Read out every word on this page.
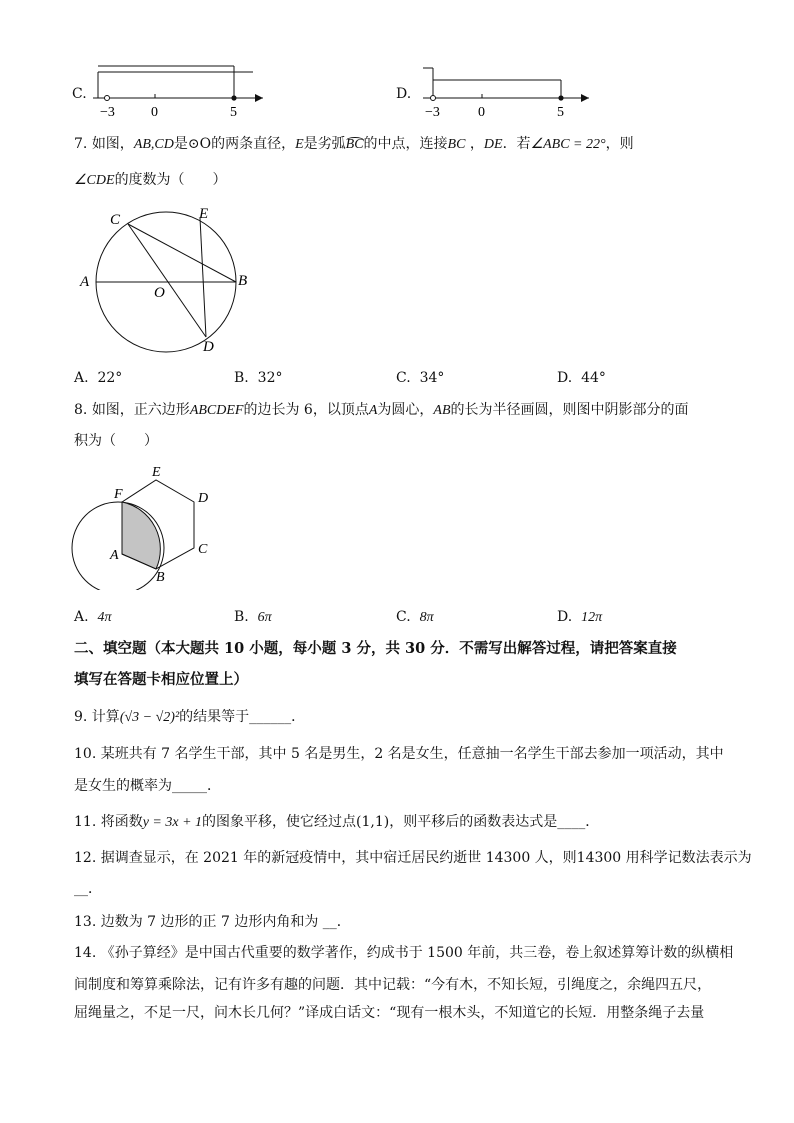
C.
−3	0	5
D.
−3	0	5
7. 如图，AB,CD是⊙O的两条直径，E是劣弧
BC的中点，连接BC ，DE．若∠ABC = 22°，则
∠CDE的度数为（　　）
C	E
A
O
B
D
A. 22°	B. 32°	C. 34°	D. 44°
8. 如图，正六边形ABCDEF的边长为 6，以顶点A为圆心，AB的长为半径画圆，则图中阴影部分的面
积为（　　）
E
F	D
C
A
B
A. 4π	B. 6π	C. 8π	D. 12π
二、填空题（本大题共 10 小题，每小题 3 分，共 30 分．不需写出解答过程，请把答案直接
填写在答题卡相应位置上）
9. 计算(√3 − √2)²的结果等于______．
10. 某班共有 7 名学生干部，其中 5 名是男生，2 名是女生，任意抽一名学生干部去参加一项活动，其中
是女生的概率为_____．
11. 将函数y = 3x + 1的图象平移，使它经过点(1,1)，则平移后的函数表达式是____．
12. 据调查显示，在 2021 年的新冠疫情中，其中宿迁居民约逝世 14300 人，则14300 用科学记数法表示为
__．
13. 边数为 7 边形的正 7 边形内角和为 __．
14. 《孙子算经》是中国古代重要的数学著作，约成书于 1500 年前，共三卷，卷上叙述算筹计数的纵横相
间制度和筹算乘除法，记有许多有趣的问题．其中记载：“今有木，不知长短，引绳度之，余绳四五尺，
屈绳量之，不足一尺，问木长几何？”译成白话文：“现有一根木头，不知道它的长短．用整条绳子去量
